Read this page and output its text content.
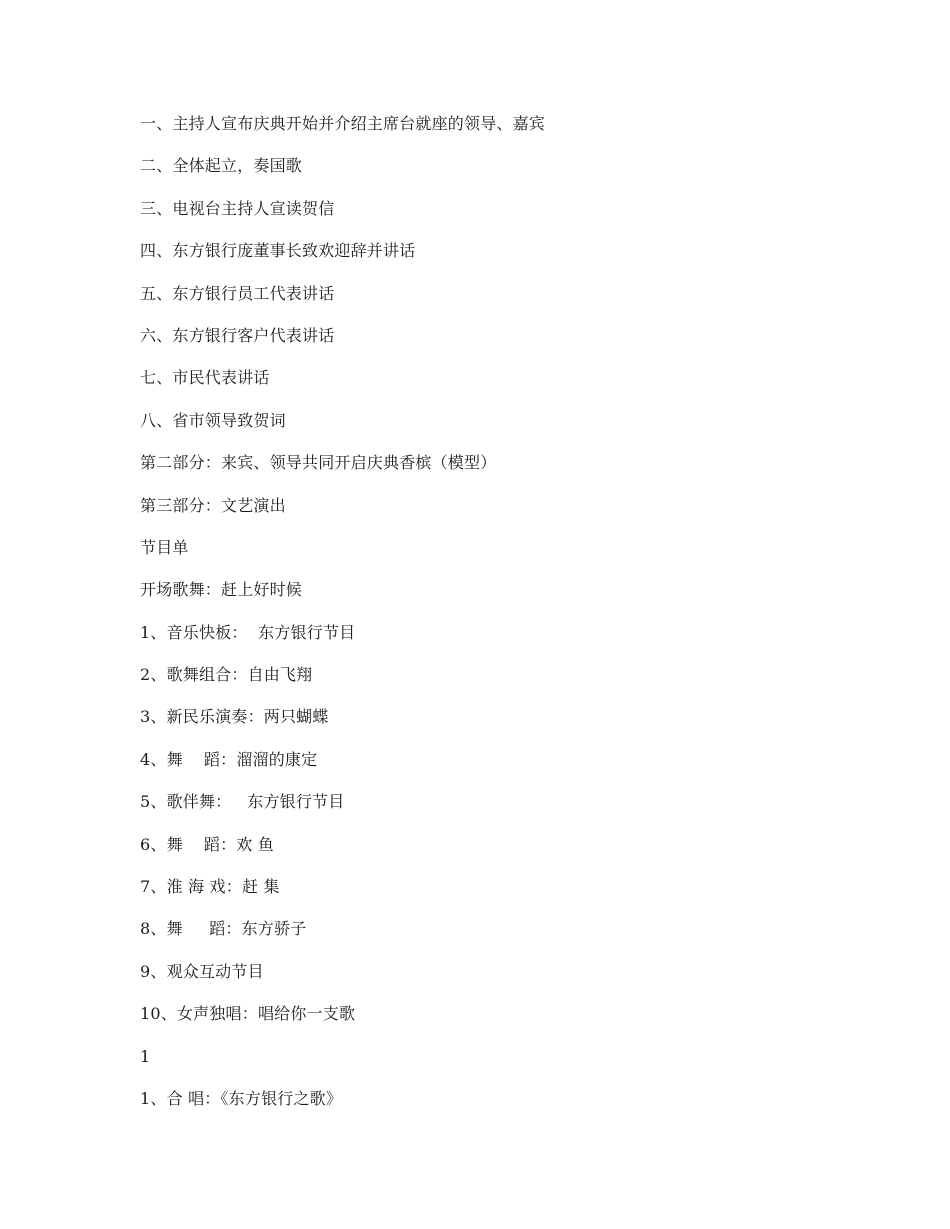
一、主持人宣布庆典开始并介绍主席台就座的领导、嘉宾
二、全体起立，奏国歌
三、电视台主持人宣读贺信
四、东方银行庞董事长致欢迎辞并讲话
五、东方银行员工代表讲话
六、东方银行客户代表讲话
七、市民代表讲话
八、省市领导致贺词
第二部分：来宾、领导共同开启庆典香槟（模型）
第三部分：文艺演出
节目单
开场歌舞：赶上好时候
1、音乐快板：  东方银行节目
2、歌舞组合：自由飞翔
3、新民乐演奏：两只蝴蝶
4、舞    蹈：溜溜的康定
5、歌伴舞：   东方银行节目
6、舞    蹈：欢 鱼
7、淮 海 戏：赶 集
8、舞     蹈：东方骄子
9、观众互动节目
10、女声独唱：唱给你一支歌
1
1、合 唱：《东方银行之歌》
